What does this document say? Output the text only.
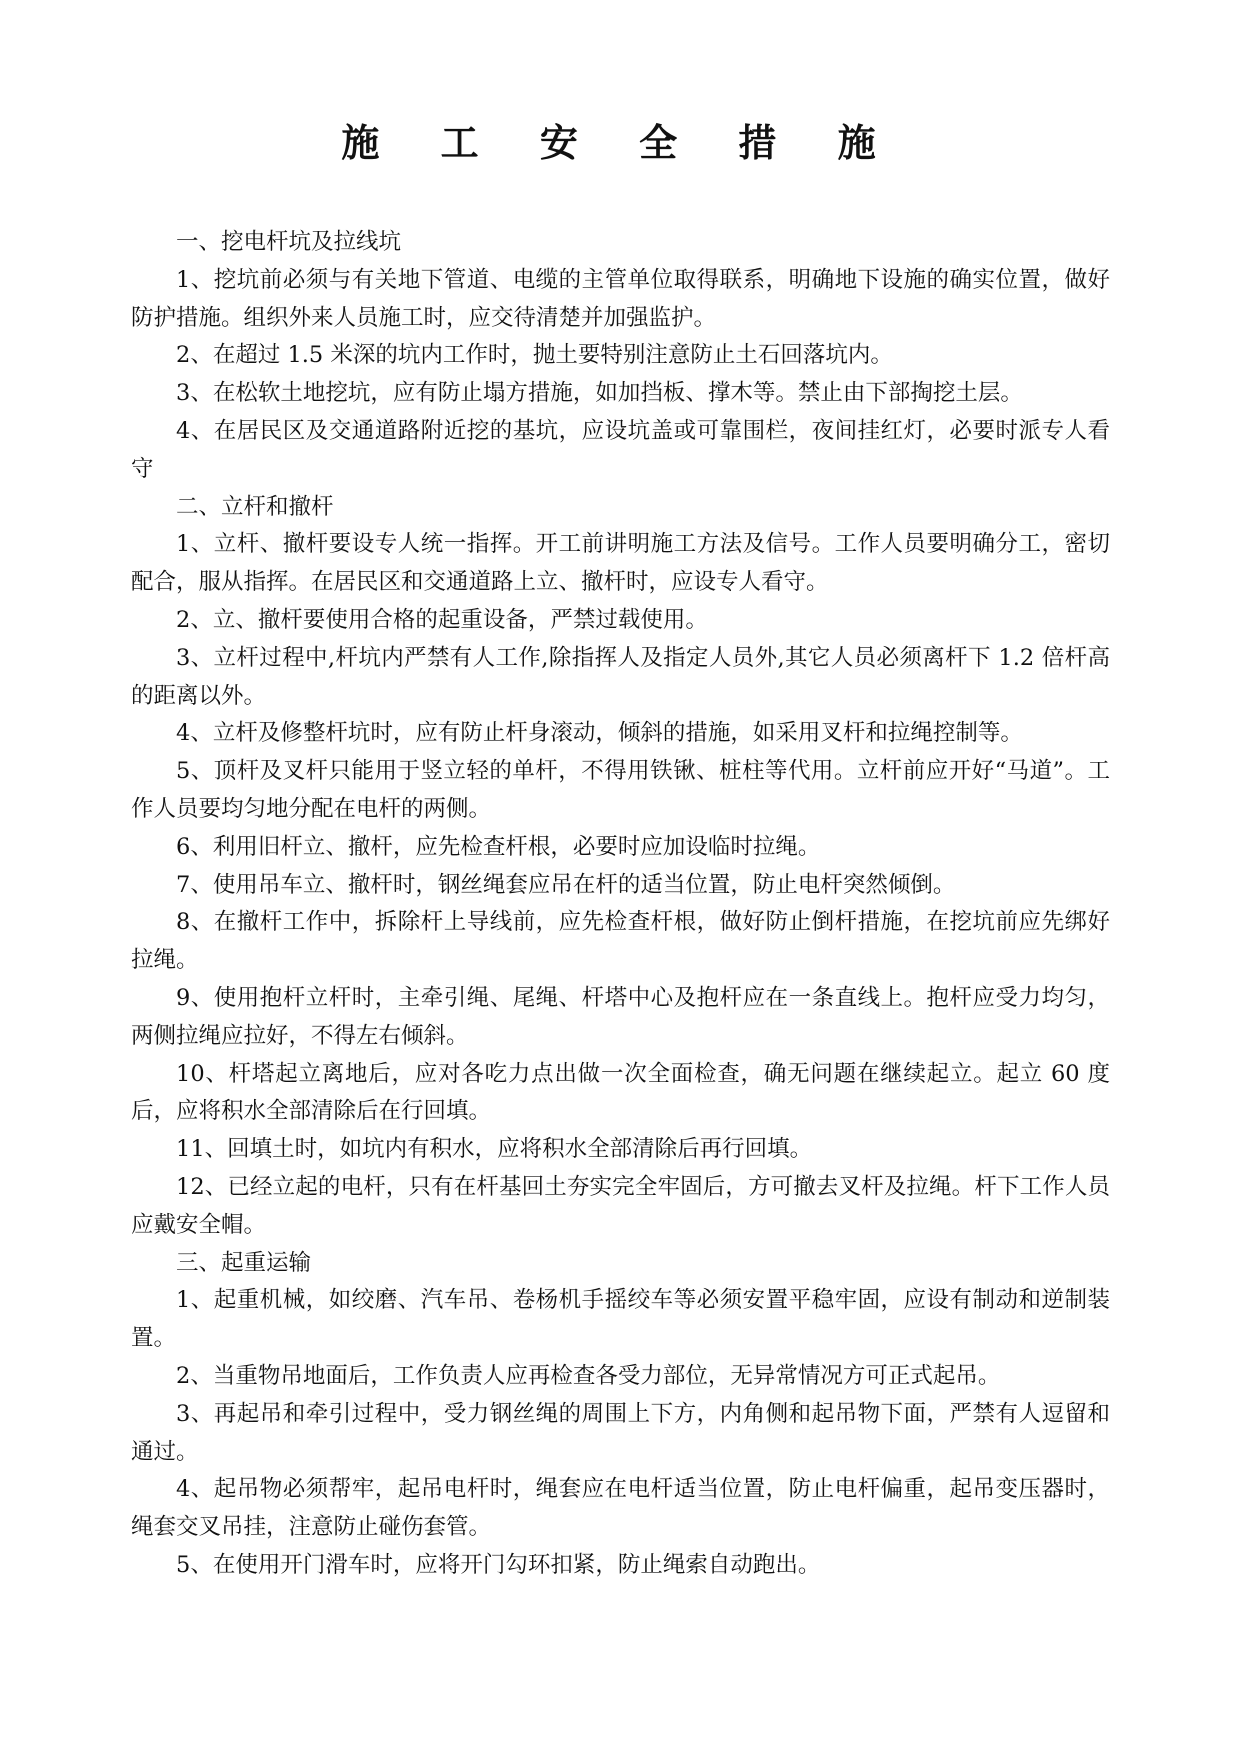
施 工 安 全 措 施

一、挖电杆坑及拉线坑

1、挖坑前必须与有关地下管道、电缆的主管单位取得联系，明确地下设施的确实位置，做好防护措施。组织外来人员施工时，应交待清楚并加强监护。

2、在超过 1.5 米深的坑内工作时，抛土要特别注意防止土石回落坑内。

3、在松软土地挖坑，应有防止塌方措施，如加挡板、撑木等。禁止由下部掏挖土层。

4、在居民区及交通道路附近挖的基坑，应设坑盖或可靠围栏，夜间挂红灯，必要时派专人看守

二、立杆和撤杆

1、立杆、撤杆要设专人统一指挥。开工前讲明施工方法及信号。工作人员要明确分工，密切配合，服从指挥。在居民区和交通道路上立、撤杆时，应设专人看守。

2、立、撤杆要使用合格的起重设备，严禁过载使用。

3、立杆过程中,杆坑内严禁有人工作,除指挥人及指定人员外,其它人员必须离杆下 1.2 倍杆高的距离以外。

4、立杆及修整杆坑时，应有防止杆身滚动，倾斜的措施，如采用叉杆和拉绳控制等。

5、顶杆及叉杆只能用于竖立轻的单杆，不得用铁锹、桩柱等代用。立杆前应开好“马道”。工作人员要均匀地分配在电杆的两侧。

6、利用旧杆立、撤杆，应先检查杆根，必要时应加设临时拉绳。

7、使用吊车立、撤杆时，钢丝绳套应吊在杆的适当位置，防止电杆突然倾倒。

8、在撤杆工作中，拆除杆上导线前，应先检查杆根，做好防止倒杆措施，在挖坑前应先绑好拉绳。

9、使用抱杆立杆时，主牵引绳、尾绳、杆塔中心及抱杆应在一条直线上。抱杆应受力均匀，两侧拉绳应拉好，不得左右倾斜。

10、杆塔起立离地后，应对各吃力点出做一次全面检查，确无问题在继续起立。起立 60 度后，应将积水全部清除后在行回填。

11、回填土时，如坑内有积水，应将积水全部清除后再行回填。

12、已经立起的电杆，只有在杆基回土夯实完全牢固后，方可撤去叉杆及拉绳。杆下工作人员应戴安全帽。

三、起重运输

1、起重机械，如绞磨、汽车吊、卷杨机手摇绞车等必须安置平稳牢固，应设有制动和逆制装置。

2、当重物吊地面后，工作负责人应再检查各受力部位，无异常情况方可正式起吊。

3、再起吊和牵引过程中，受力钢丝绳的周围上下方，内角侧和起吊物下面，严禁有人逗留和通过。

4、起吊物必须帮牢，起吊电杆时，绳套应在电杆适当位置，防止电杆偏重，起吊变压器时，绳套交叉吊挂，注意防止碰伤套管。

5、在使用开门滑车时，应将开门勾环扣紧，防止绳索自动跑出。
